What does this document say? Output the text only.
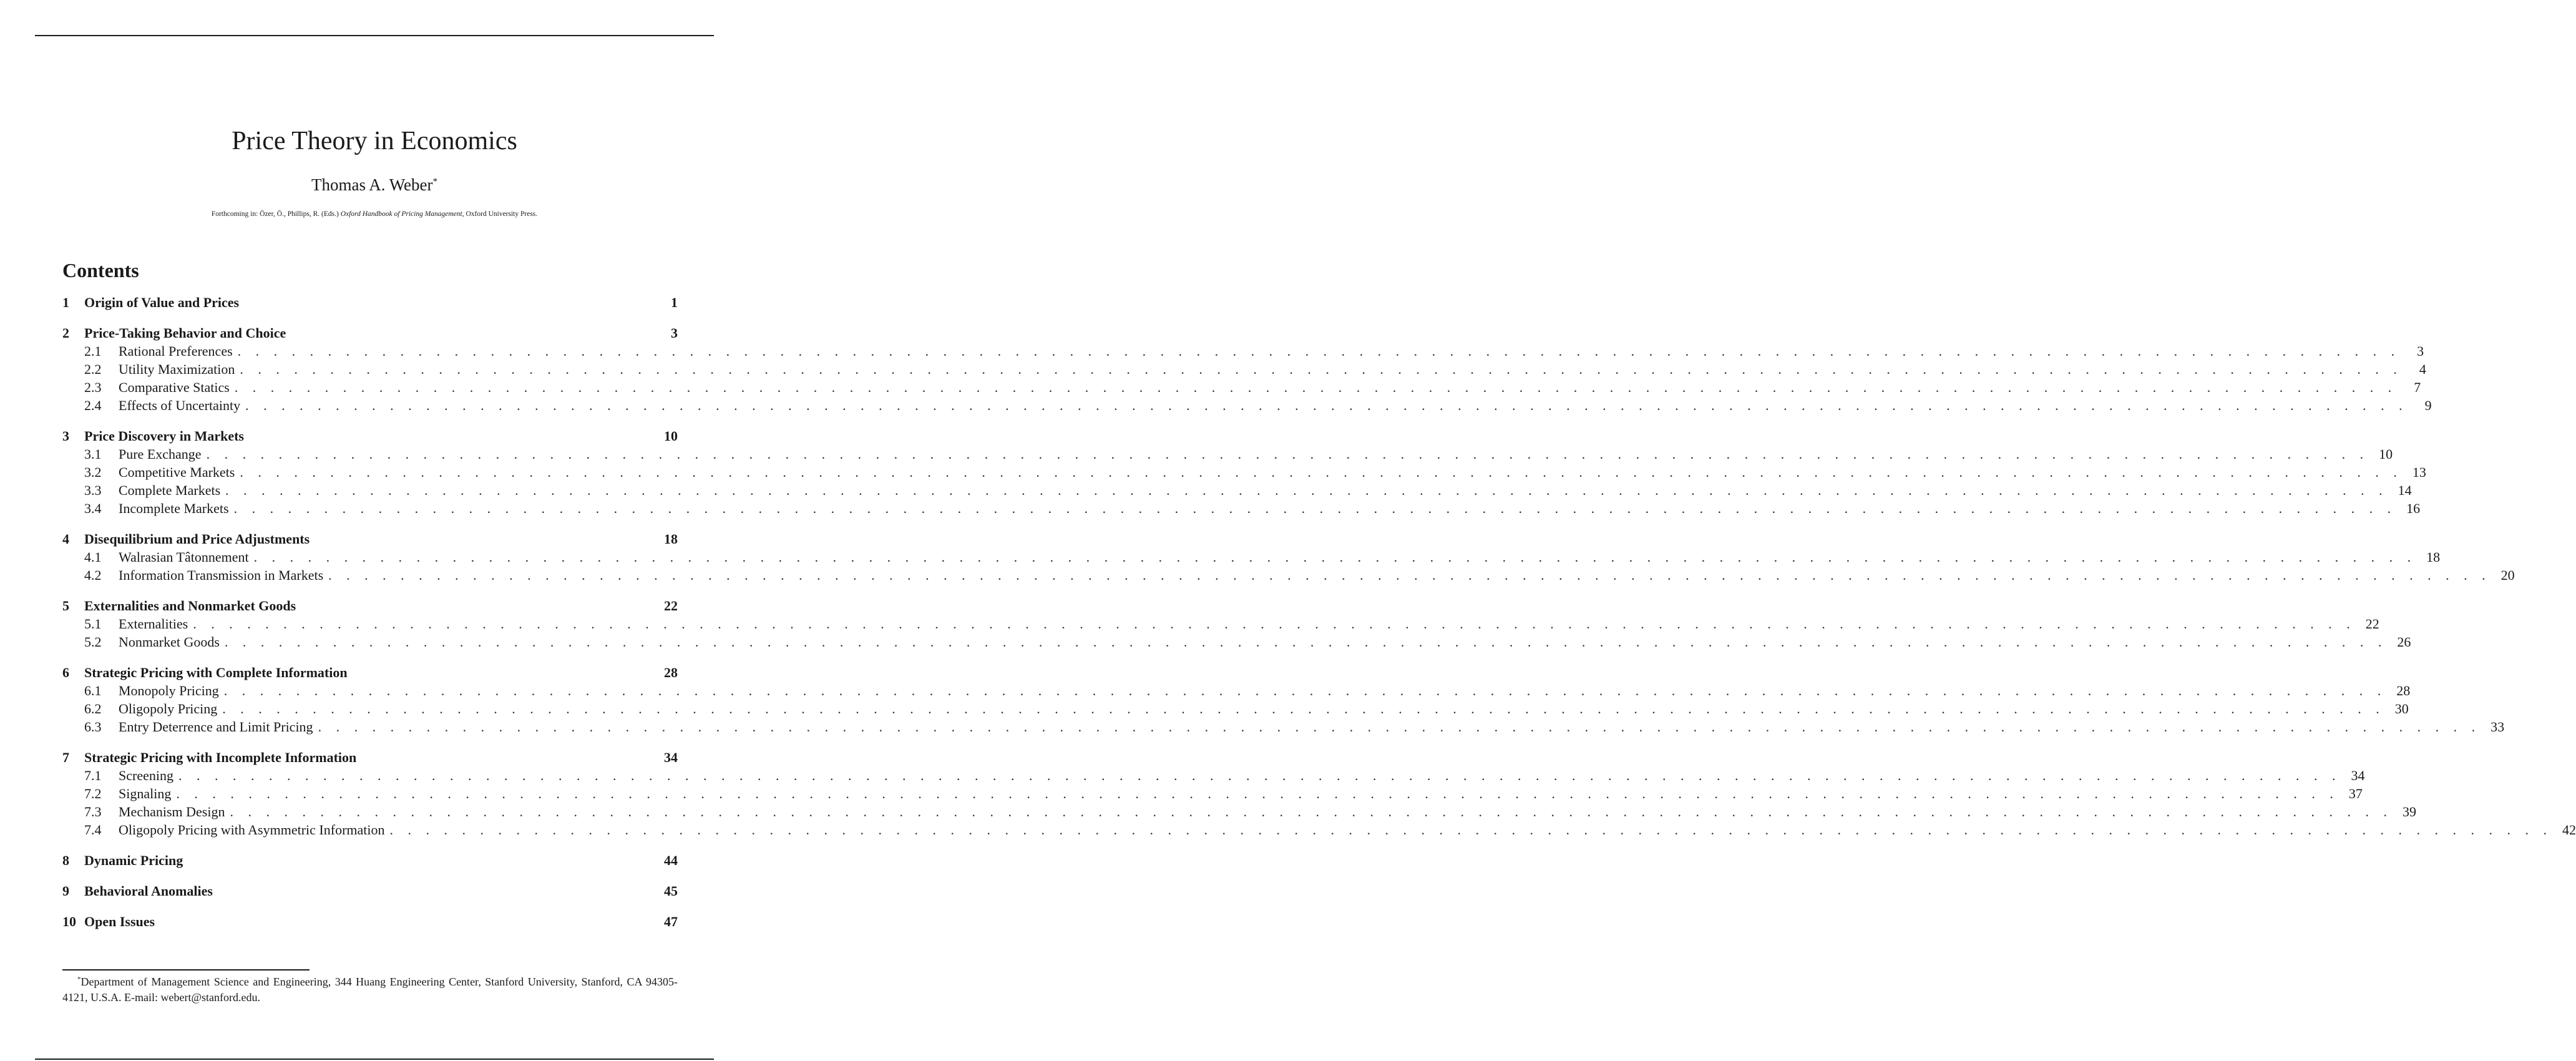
Price Theory in Economics
Thomas A. Weber*
Forthcoming in: Özer, Ö., Phillips, R. (Eds.) Oxford Handbook of Pricing Management, Oxford University Press.
Contents
1	Origin of Value and Prices	1
2	Price-Taking Behavior and Choice	3
2.1	Rational Preferences . . . . . . . . . . . . . . . . . . . . . . . . . . . . . . . . . . . . . . . . . . . . . . . . . . . . . . . . . . . . . . . . . . . . . . . . . . . . . . . . . . . . . . . . . . . . . . . . . . . . . . . . . . . . . . . . . . . . . . . .	3
2.2	Utility Maximization . . . . . . . . . . . . . . . . . . . . . . . . . . . . . . . . . . . . . . . . . . . . . . . . . . . . . . . . . . . . . . . . . . . . . . . . . . . . . . . . . . . . . . . . . . . . . . . . . . . . . . . . . . . . . . . . . . . . . . . .	4
2.3	Comparative Statics . . . . . . . . . . . . . . . . . . . . . . . . . . . . . . . . . . . . . . . . . . . . . . . . . . . . . . . . . . . . . . . . . . . . . . . . . . . . . . . . . . . . . . . . . . . . . . . . . . . . . . . . . . . . . . . . . . . . . . . .	7
2.4	Effects of Uncertainty . . . . . . . . . . . . . . . . . . . . . . . . . . . . . . . . . . . . . . . . . . . . . . . . . . . . . . . . . . . . . . . . . . . . . . . . . . . . . . . . . . . . . . . . . . . . . . . . . . . . . . . . . . . . . . . . . . . . . . . .	9
3	Price Discovery in Markets	10
3.1	Pure Exchange . . . . . . . . . . . . . . . . . . . . . . . . . . . . . . . . . . . . . . . . . . . . . . . . . . . . . . . . . . . . . . . . . . . . . . . . . . . . . . . . . . . . . . . . . . . . . . . . . . . . . . . . . . . . . . . . . . . . . . . . 10
3.2	Competitive Markets . . . . . . . . . . . . . . . . . . . . . . . . . . . . . . . . . . . . . . . . . . . . . . . . . . . . . . . . . . . . . . . . . . . . . . . . . . . . . . . . . . . . . . . . . . . . . . . . . . . . . . . . . . . . . . . . . . . . . . . . 13
3.3	Complete Markets . . . . . . . . . . . . . . . . . . . . . . . . . . . . . . . . . . . . . . . . . . . . . . . . . . . . . . . . . . . . . . . . . . . . . . . . . . . . . . . . . . . . . . . . . . . . . . . . . . . . . . . . . . . . . . . . . . . . . . . . 14
3.4	Incomplete Markets . . . . . . . . . . . . . . . . . . . . . . . . . . . . . . . . . . . . . . . . . . . . . . . . . . . . . . . . . . . . . . . . . . . . . . . . . . . . . . . . . . . . . . . . . . . . . . . . . . . . . . . . . . . . . . . . . . . . . . . . 16
4	Disequilibrium and Price Adjustments	18
4.1	Walrasian Tâtonnement . . . . . . . . . . . . . . . . . . . . . . . . . . . . . . . . . . . . . . . . . . . . . . . . . . . . . . . . . . . . . . . . . . . . . . . . . . . . . . . . . . . . . . . . . . . . . . . . . . . . . . . . . . . . . . . . . . . . . . . . 18
4.2	Information Transmission in Markets . . . . . . . . . . . . . . . . . . . . . . . . . . . . . . . . . . . . . . . . . . . . . . . . . . . . . . . . . . . . . . . . . . . . . . . . . . . . . . . . . . . . . . . . . . . . . . . . . . . . . . . . . . . . . . . . . . . . . . . . 20
5	Externalities and Nonmarket Goods	22
5.1	Externalities . . . . . . . . . . . . . . . . . . . . . . . . . . . . . . . . . . . . . . . . . . . . . . . . . . . . . . . . . . . . . . . . . . . . . . . . . . . . . . . . . . . . . . . . . . . . . . . . . . . . . . . . . . . . . . . . . . . . . . . . 22
5.2	Nonmarket Goods . . . . . . . . . . . . . . . . . . . . . . . . . . . . . . . . . . . . . . . . . . . . . . . . . . . . . . . . . . . . . . . . . . . . . . . . . . . . . . . . . . . . . . . . . . . . . . . . . . . . . . . . . . . . . . . . . . . . . . . . 26
6	Strategic Pricing with Complete Information	28
6.1	Monopoly Pricing . . . . . . . . . . . . . . . . . . . . . . . . . . . . . . . . . . . . . . . . . . . . . . . . . . . . . . . . . . . . . . . . . . . . . . . . . . . . . . . . . . . . . . . . . . . . . . . . . . . . . . . . . . . . . . . . . . . . . . . . 28
6.2	Oligopoly Pricing . . . . . . . . . . . . . . . . . . . . . . . . . . . . . . . . . . . . . . . . . . . . . . . . . . . . . . . . . . . . . . . . . . . . . . . . . . . . . . . . . . . . . . . . . . . . . . . . . . . . . . . . . . . . . . . . . . . . . . . . 30
6.3	Entry Deterrence and Limit Pricing . . . . . . . . . . . . . . . . . . . . . . . . . . . . . . . . . . . . . . . . . . . . . . . . . . . . . . . . . . . . . . . . . . . . . . . . . . . . . . . . . . . . . . . . . . . . . . . . . . . . . . . . . . . . . . . . . . . . . . . . 33
7	Strategic Pricing with Incomplete Information	34
7.1	Screening . . . . . . . . . . . . . . . . . . . . . . . . . . . . . . . . . . . . . . . . . . . . . . . . . . . . . . . . . . . . . . . . . . . . . . . . . . . . . . . . . . . . . . . . . . . . . . . . . . . . . . . . . . . . . . . . . . . . . . . . 34
7.2	Signaling . . . . . . . . . . . . . . . . . . . . . . . . . . . . . . . . . . . . . . . . . . . . . . . . . . . . . . . . . . . . . . . . . . . . . . . . . . . . . . . . . . . . . . . . . . . . . . . . . . . . . . . . . . . . . . . . . . . . . . . . 37
7.3	Mechanism Design . . . . . . . . . . . . . . . . . . . . . . . . . . . . . . . . . . . . . . . . . . . . . . . . . . . . . . . . . . . . . . . . . . . . . . . . . . . . . . . . . . . . . . . . . . . . . . . . . . . . . . . . . . . . . . . . . . . . . . . . 39
7.4	Oligopoly Pricing with Asymmetric Information . . . . . . . . . . . . . . . . . . . . . . . . . . . . . . . . . . . . . . . . . . . . . . . . . . . . . . . . . . . . . . . . . . . . . . . . . . . . . . . . . . . . . . . . . . . . . . . . . . . . . . . . . . . . . . . . . . . . . . . . 42
8	Dynamic Pricing	44
9	Behavioral Anomalies	45
10 Open Issues	47
*Department of Management Science and Engineering, 344 Huang Engineering Center, Stanford University, Stanford, CA 94305-4121, U.S.A. E-mail: webert@stanford.edu.
